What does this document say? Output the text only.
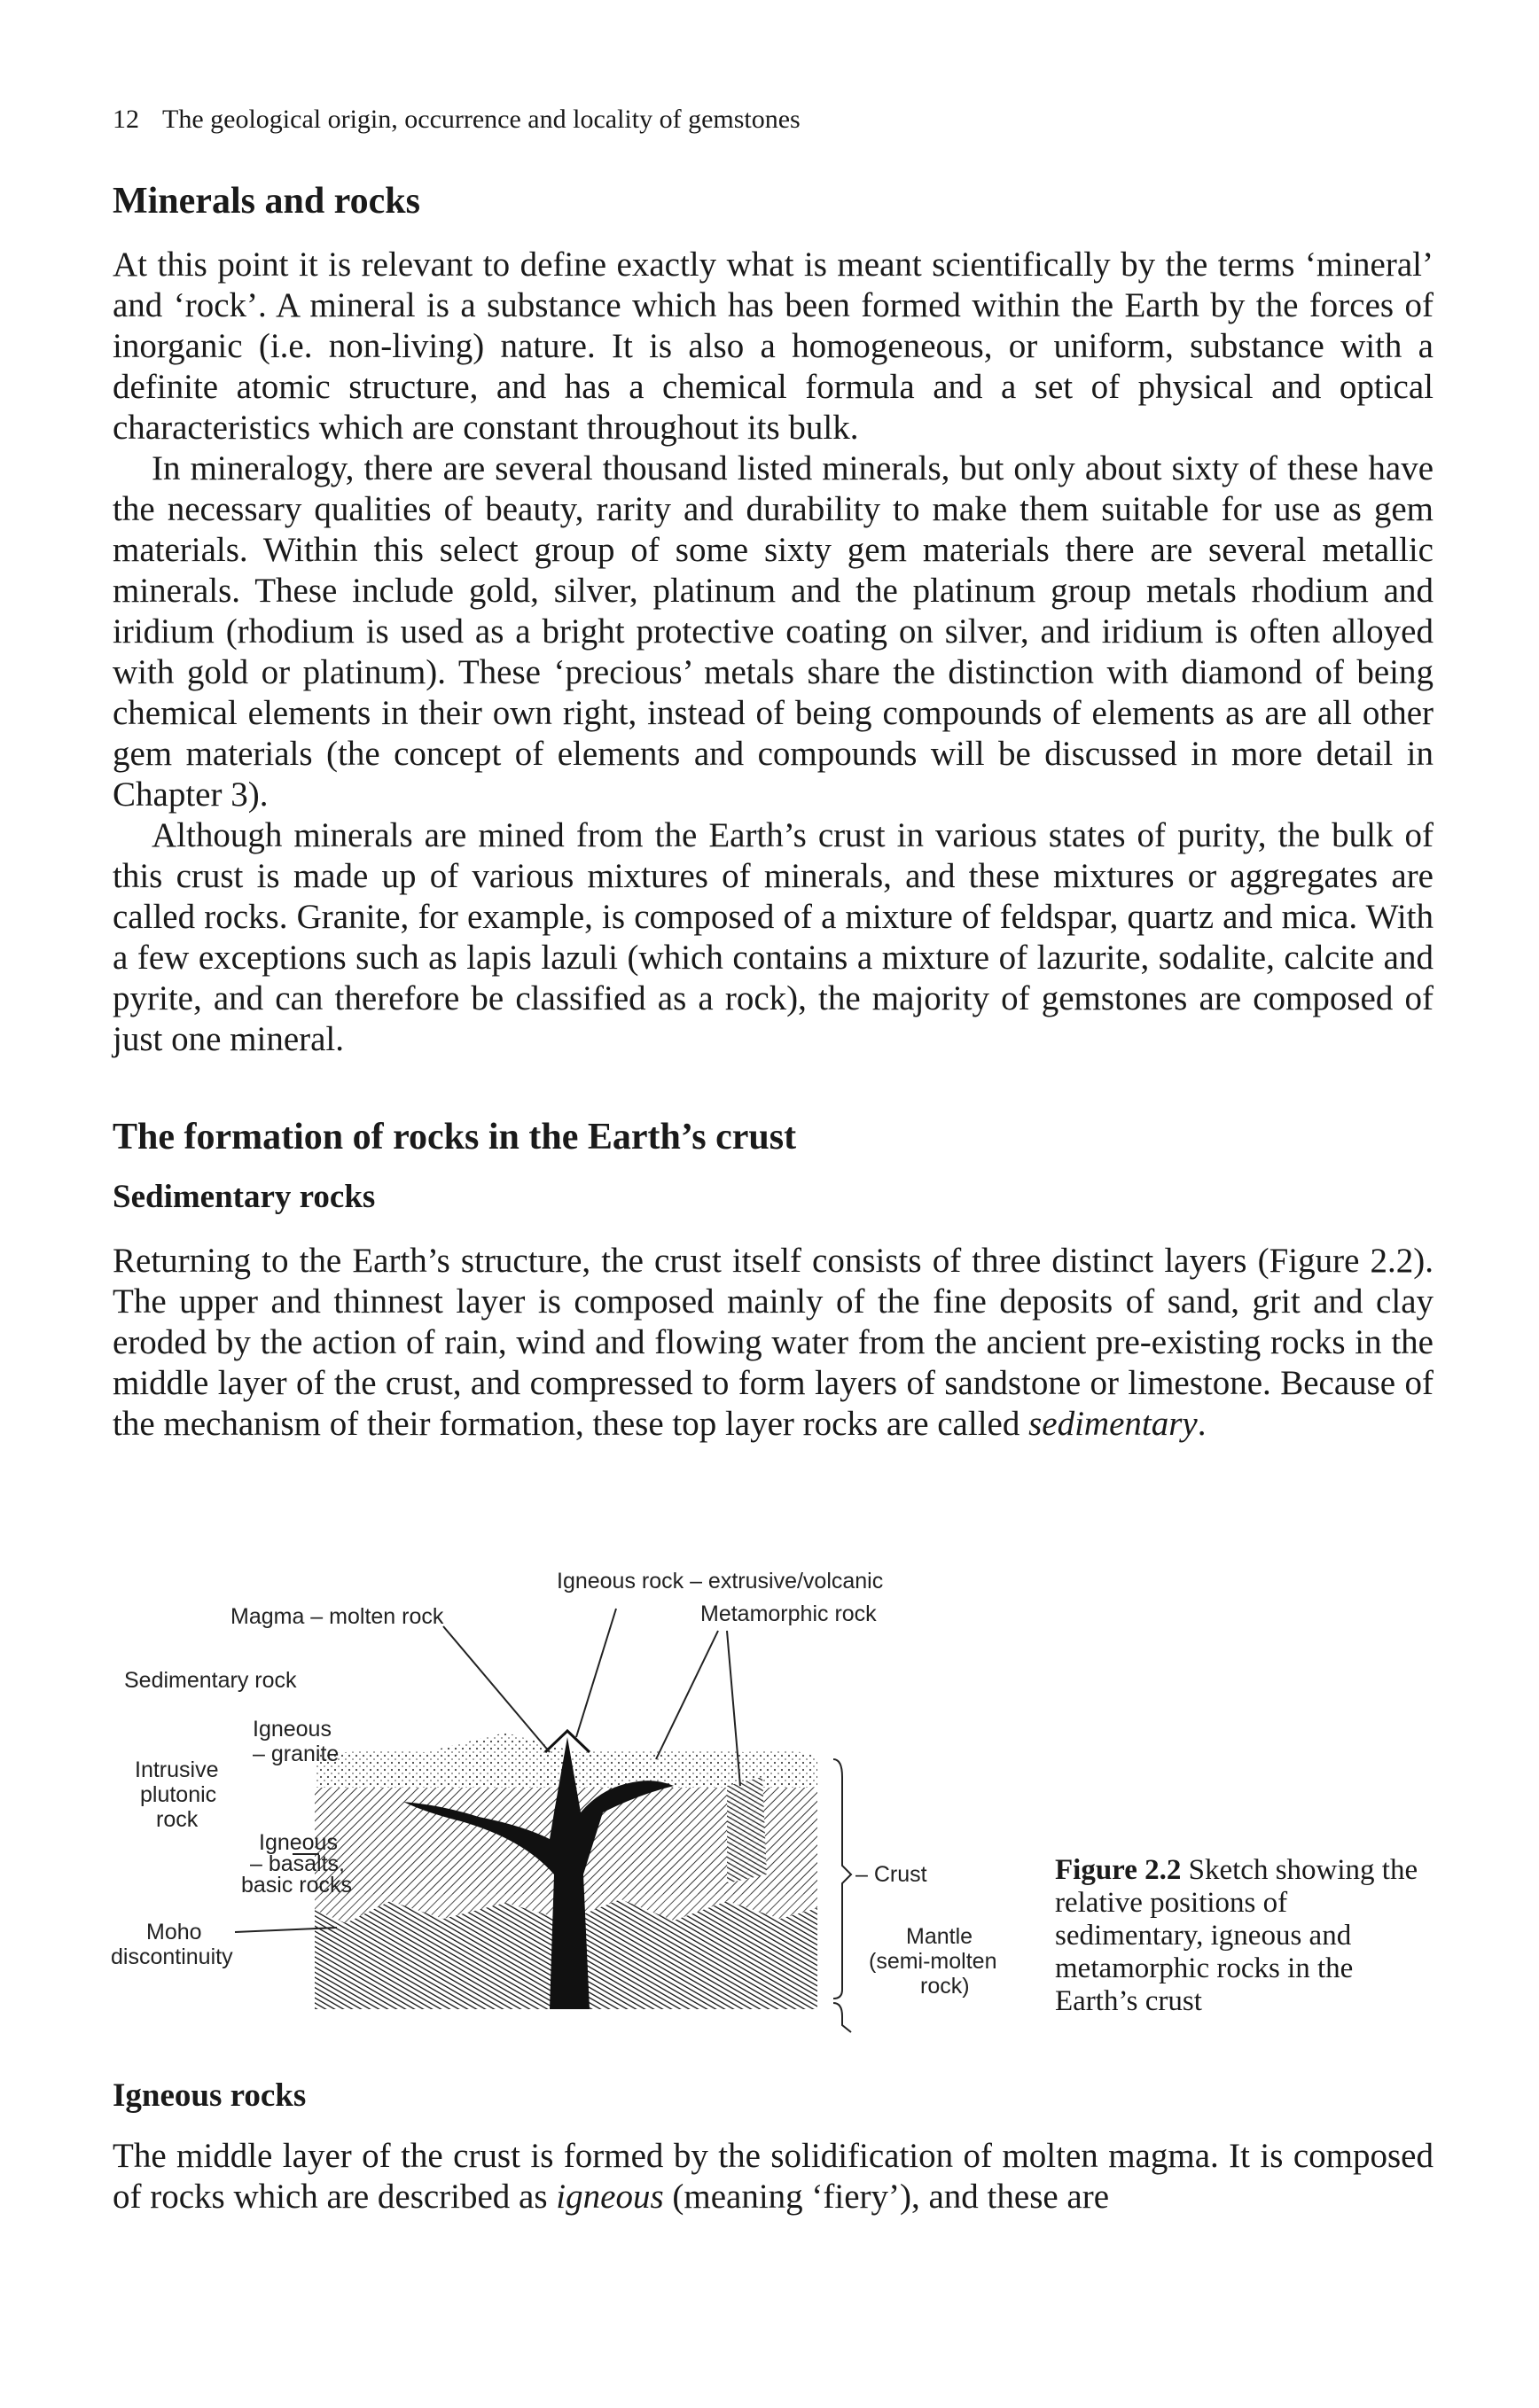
12 The geological origin, occurrence and locality of gemstones
Minerals and rocks

At this point it is relevant to define exactly what is meant scientifically by the terms ‘mineral’ and ‘rock’. A mineral is a substance which has been formed within the Earth by the forces of inorganic (i.e. non-living) nature. It is also a homogeneous, or uniform, substance with a definite atomic structure, and has a chemical formula and a set of physical and optical characteristics which are constant throughout its bulk.

In mineralogy, there are several thousand listed minerals, but only about sixty of these have the necessary qualities of beauty, rarity and durability to make them suitable for use as gem materials. Within this select group of some sixty gem materials there are several metallic minerals. These include gold, silver, platinum and the platinum group metals rhodium and iridium (rhodium is used as a bright protective coating on silver, and iridium is often alloyed with gold or platinum). These ‘precious’ metals share the distinction with diamond of being chemical elements in their own right, instead of being compounds of elements as are all other gem materials (the concept of elements and compounds will be discussed in more detail in Chapter 3).

Although minerals are mined from the Earth’s crust in various states of purity, the bulk of this crust is made up of various mixtures of minerals, and these mixtures or aggregates are called rocks. Granite, for example, is composed of a mixture of feldspar, quartz and mica. With a few exceptions such as lapis lazuli (which contains a mixture of lazurite, sodalite, calcite and pyrite, and can therefore be classified as a rock), the majority of gemstones are composed of just one mineral.

The formation of rocks in the Earth’s crust
Sedimentary rocks

Returning to the Earth’s structure, the crust itself consists of three distinct layers (Figure 2.2). The upper and thinnest layer is composed mainly of the fine deposits of sand, grit and clay eroded by the action of rain, wind and flowing water from the ancient pre-existing rocks in the middle layer of the crust, and compressed to form layers of sandstone or limestone. Because of the mechanism of their formation, these top layer rocks are called sedimentary.

Magma – molten rock
Igneous rock – extrusive/volcanic
Metamorphic rock
Sedimentary rock
Igneous
– granite
Intrusive
plutonic
rock
Igneous
– basalts,
basic rocks
Moho
discontinuity
– Crust
Mantle
(semi-molten
rock)
Figure 2.2 Sketch showing the relative positions of sedimentary, igneous and metamorphic rocks in the Earth’s crust
Igneous rocks

The middle layer of the crust is formed by the solidification of molten magma. It is composed of rocks which are described as igneous (meaning ‘fiery’), and these are
